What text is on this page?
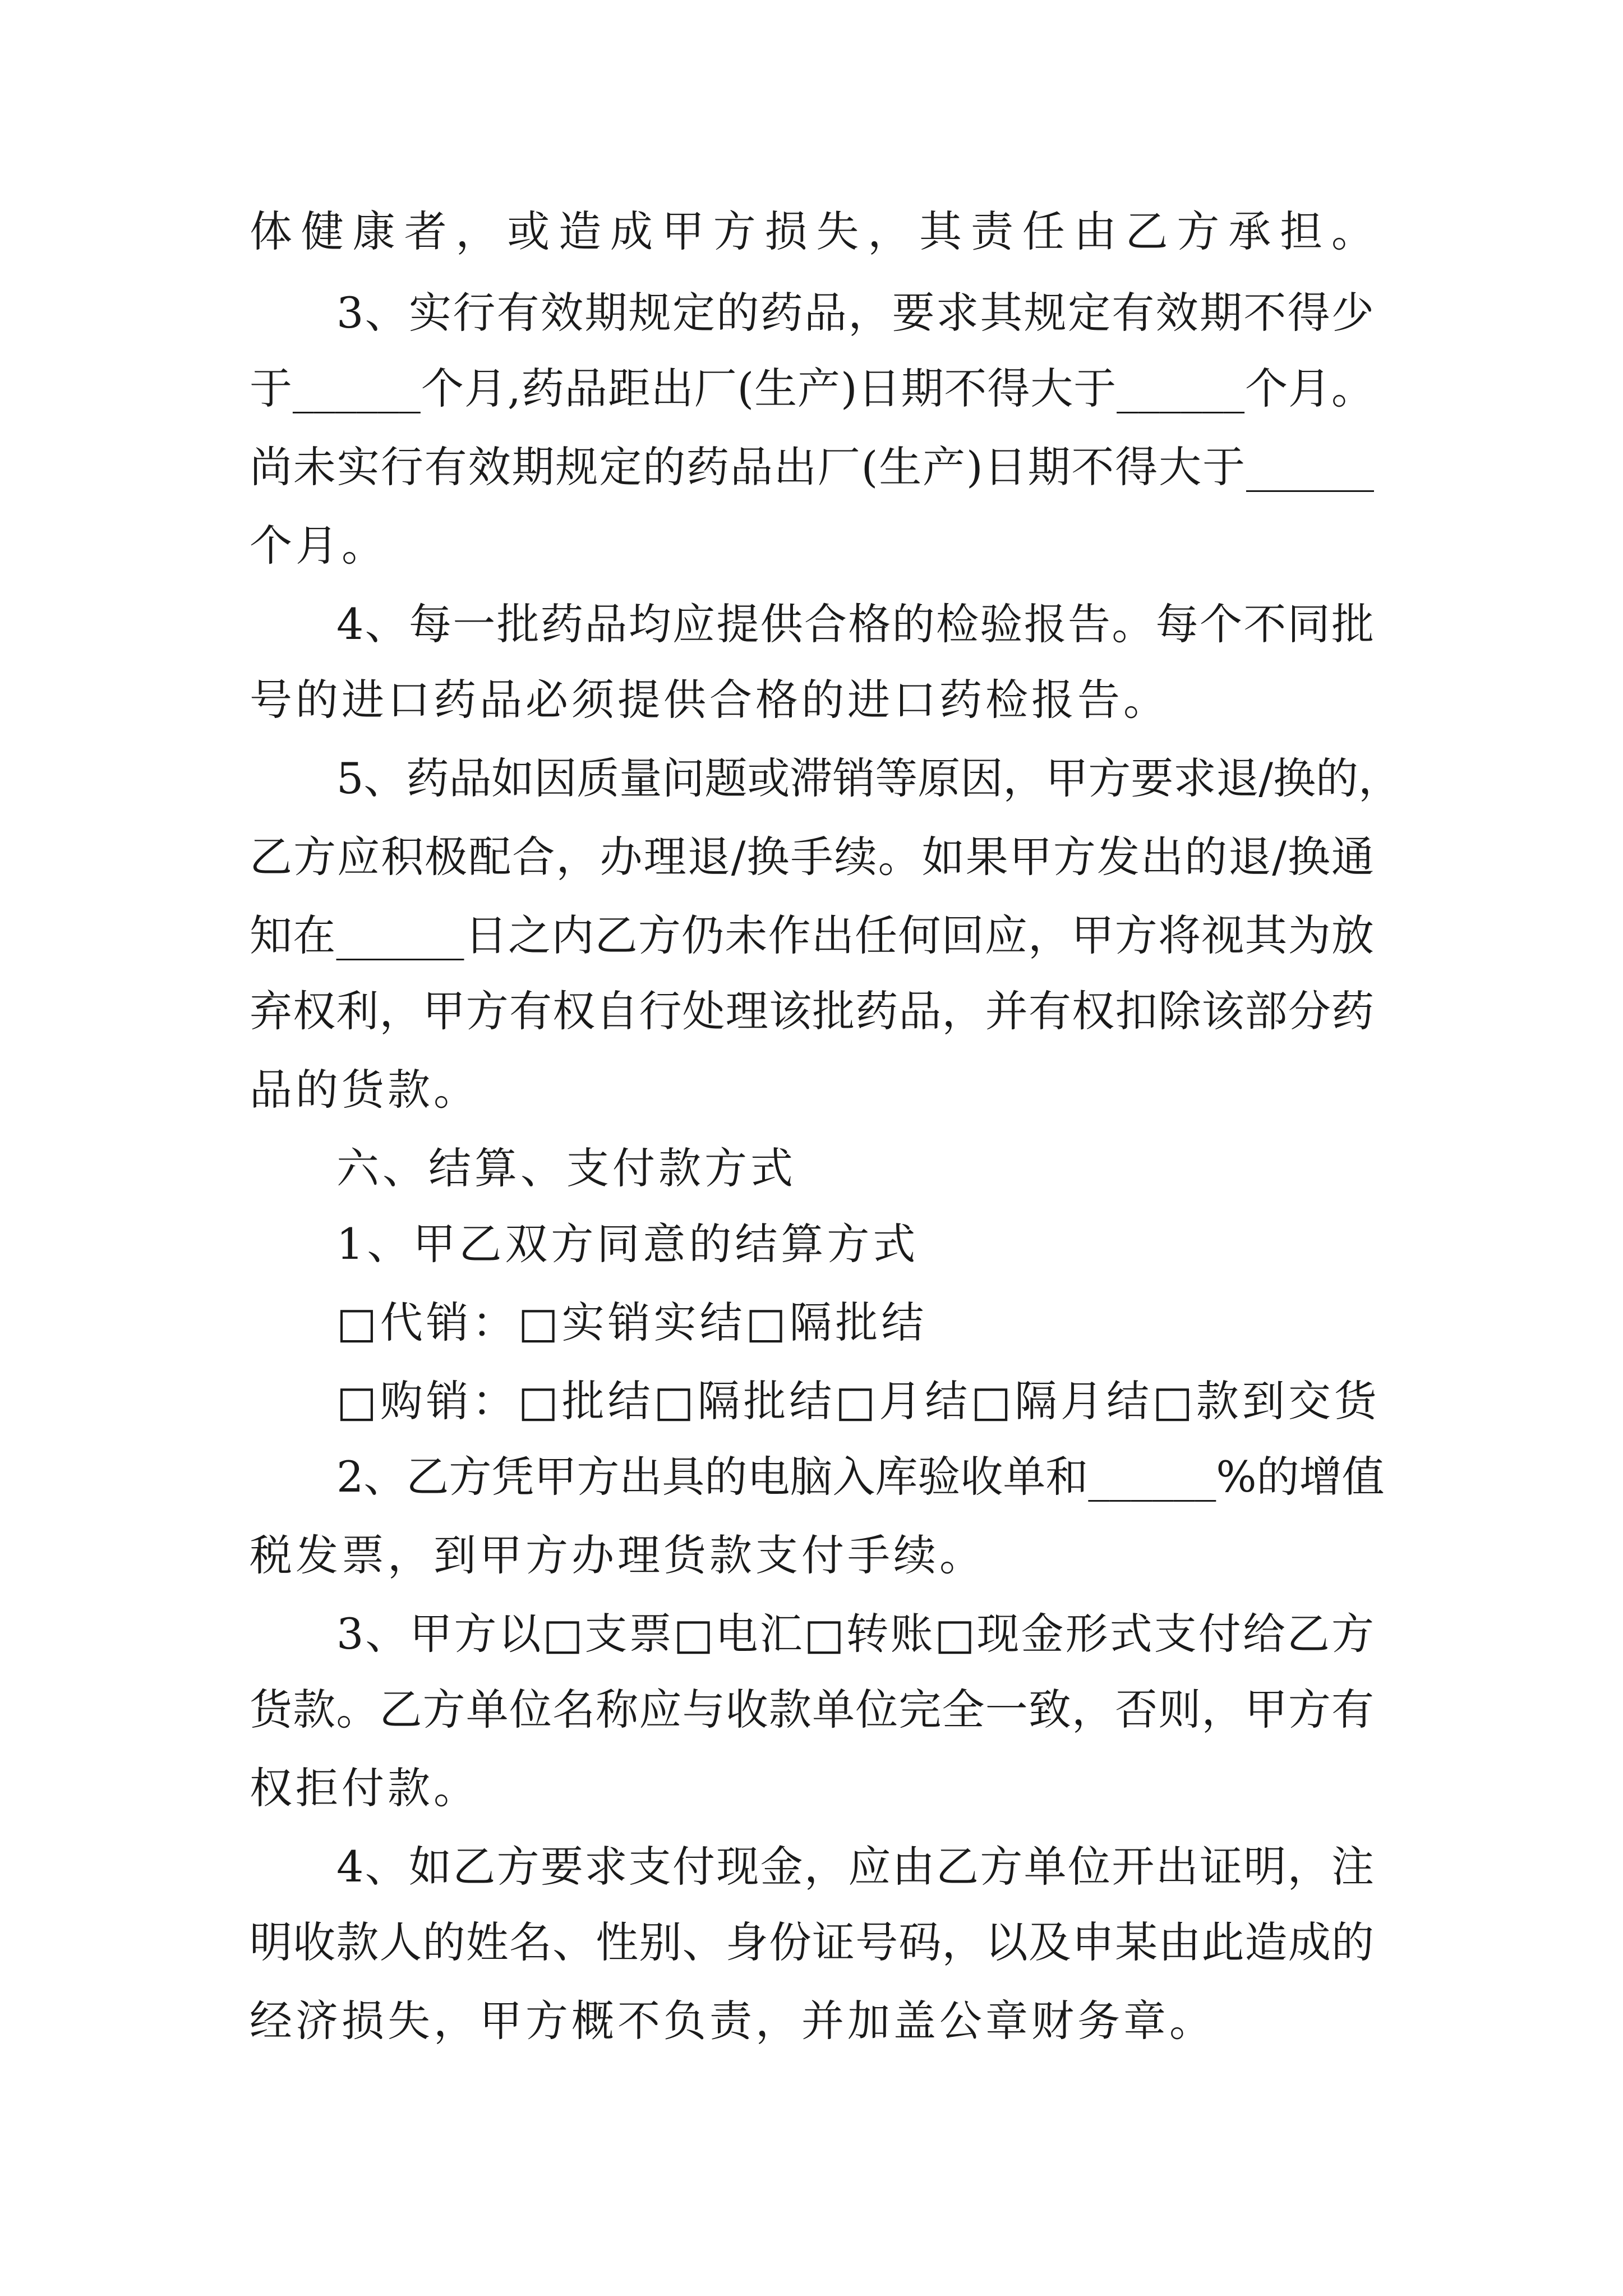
体健康者，或造成甲方损失，其责任由乙方承担。
3、实行有效期规定的药品，要求其规定有效期不得少
于______个月,药品距出厂(生产)日期不得大于______个月。
尚未实行有效期规定的药品出厂(生产)日期不得大于______
个月。
4、每一批药品均应提供合格的检验报告。每个不同批
号的进口药品必须提供合格的进口药检报告。
5、药品如因质量问题或滞销等原因，甲方要求退/换的，
乙方应积极配合，办理退/换手续。如果甲方发出的退/换通
知在______日之内乙方仍未作出任何回应，甲方将视其为放
弃权利，甲方有权自行处理该批药品，并有权扣除该部分药
品的货款。
六、结算、支付款方式
1、甲乙双方同意的结算方式
□代销：□实销实结□隔批结
□购销：□批结□隔批结□月结□隔月结□款到交货
2、乙方凭甲方出具的电脑入库验收单和______%的增值
税发票，到甲方办理货款支付手续。
3、甲方以□支票□电汇□转账□现金形式支付给乙方
货款。乙方单位名称应与收款单位完全一致，否则，甲方有
权拒付款。
4、如乙方要求支付现金，应由乙方单位开出证明，注
明收款人的姓名、性别、身份证号码，以及申某由此造成的
经济损失，甲方概不负责，并加盖公章财务章。
